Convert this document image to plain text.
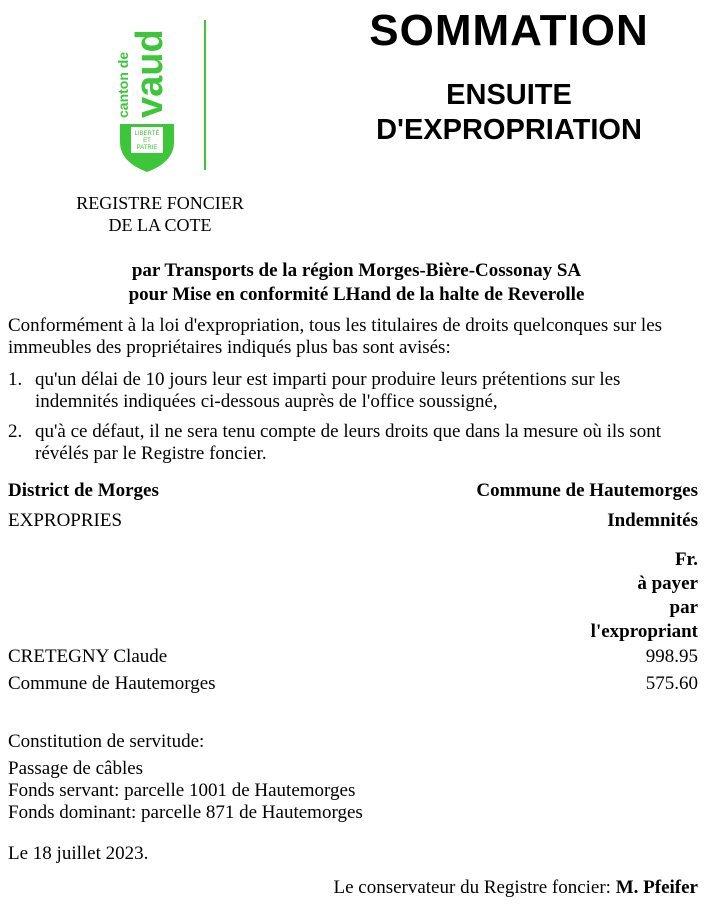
canton de
vaud
LIBERTÉ
ET
PATRIE
REGISTRE FONCIER
DE LA COTE
SOMMATION
ENSUITE
D'EXPROPRIATION
par Transports de la région Morges-Bière-Cossonay SA
pour Mise en conformité LHand de la halte de Reverolle
Conformément à la loi d'expropriation, tous les titulaires de droits quelconques sur les immeubles des propriétaires indiqués plus bas sont avisés:
1. qu'un délai de 10 jours leur est imparti pour produire leurs prétentions sur les indemnités indiquées ci-dessous auprès de l'office soussigné,
2. qu'à ce défaut, il ne sera tenu compte de leurs droits que dans la mesure où ils sont révélés par le Registre foncier.
District de Morges	Commune de Hautemorges
EXPROPRIES	Indemnités
Fr.
à payer
par
l'expropriant
CRETEGNY Claude	998.95
Commune de Hautemorges	575.60
Constitution de servitude:
Passage de câbles
Fonds servant: parcelle 1001 de Hautemorges
Fonds dominant: parcelle 871 de Hautemorges
Le 18 juillet 2023.
Le conservateur du Registre foncier: M. Pfeifer
